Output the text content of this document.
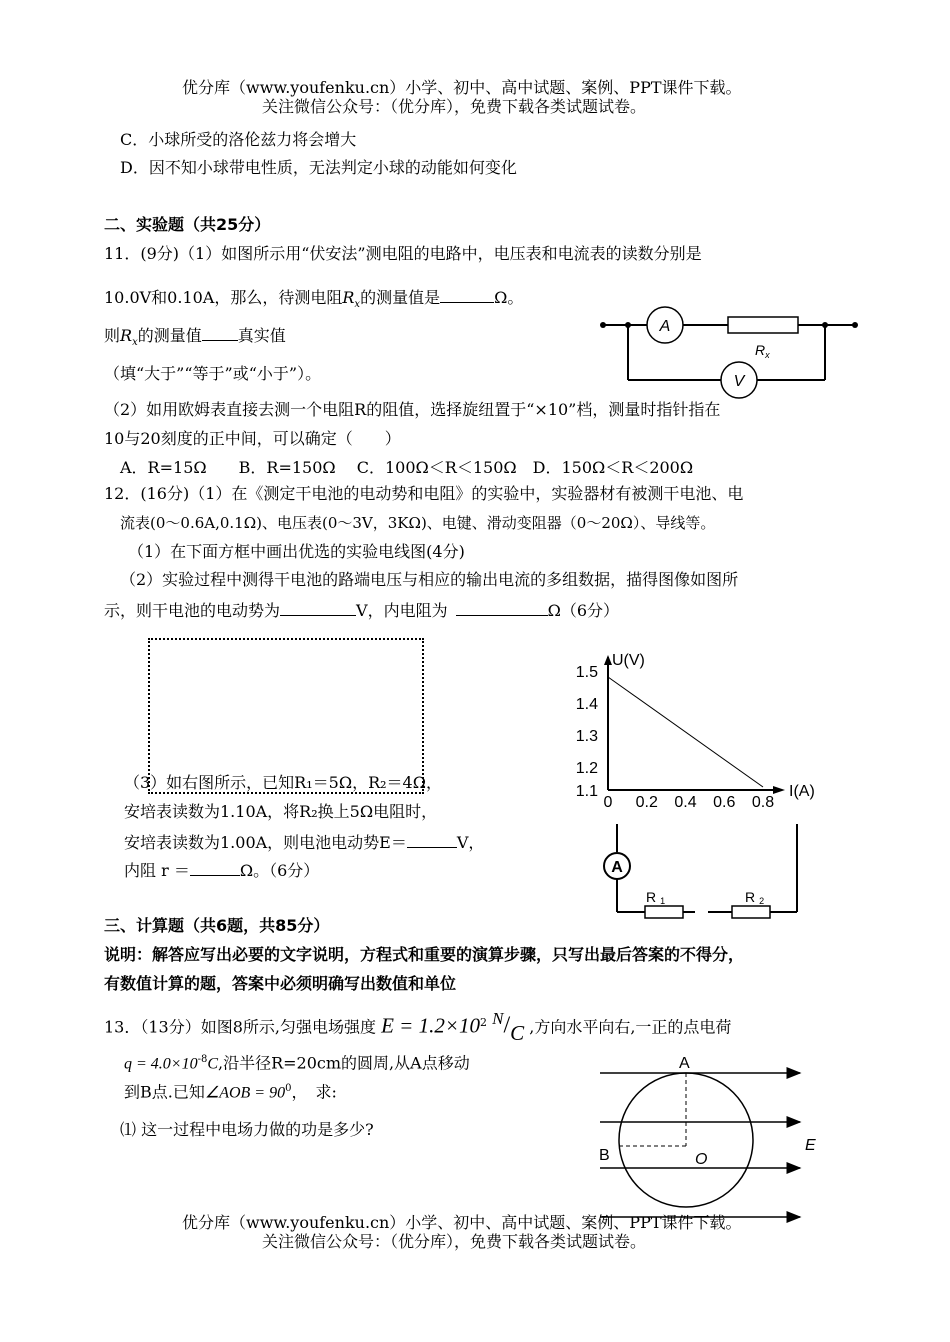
优分库（www.youfenku.cn）小学、初中、高中试题、案例、PPT课件下载。
关注微信公众号：（优分库），免费下载各类试题试卷。
C．小球所受的洛伦兹力将会增大
D．因不知小球带电性质，无法判定小球的动能如何变化
二、实验题（共25分）
11．(9分)（1）如图所示用“伏安法”测电阻的电路中，电压表和电流表的读数分别是
10.0V和0.10A，那么，待测电阻$R_x$的测量值是	Ω。
则$R_x$的测量值 真实值
（填“大于”“等于”或“小于”）。
（2）如用欧姆表直接去测一个电阻R的阻值，选择旋纽置于“×10”档，测量时指针指在
10与20刻度的正中间，可以确定（　　）
A．R=15Ω　　B．R=150Ω　 C．100Ω＜R＜150Ω　D．150Ω＜R＜200Ω
A
$R_x$
V
12．(16分)（1）在《测定干电池的电动势和电阻》的实验中，实验器材有被测干电池、电
流表(0～0.6A,0.1Ω)、电压表(0～3V，3KΩ)、电键、滑动变阻器（0～20Ω）、导线等。
（1）在下面方框中画出优选的实验电线图(4分)
（2）实验过程中测得干电池的路端电压与相应的输出电流的多组数据，描得图像如图所
示，则干电池的电动势为	V，内电阻为	Ω（6分）
（3）如右图所示，已知R₁＝5Ω，R₂＝4Ω，
安培表读数为1.10A，将R₂换上5Ω电阻时，
安培表读数为1.00A，则电池电动势E＝	V，
内阻 r ＝	Ω。（6分）
U(V)
I(A)
1.1
1.2
1.3
1.4
1.5
0 0.2 0.4 0.6 0.8
A
R 1	R 2
三、计算题（共6题，共85分）
说明：解答应写出必要的文字说明，方程式和重要的演算步骤，只写出最后答案的不得分，
有数值计算的题，答案中必须明确写出数值和单位
13．（13分）如图8所示,匀强电场强度 $E = 1.2\times 10^2$ N/C ,方向水平向右,一正的点电荷
$q = 4.0\times 10^{-8}C$,沿半径R=20cm的圆周,从A点移动
到B点.已知∠AOB = $90^0$，　求:
⑴ 这一过程中电场力做的功是多少?
A
B	O
E
优分库（www.youfenku.cn）小学、初中、高中试题、案例、PPT课件下载。
关注微信公众号：（优分库），免费下载各类试题试卷。
